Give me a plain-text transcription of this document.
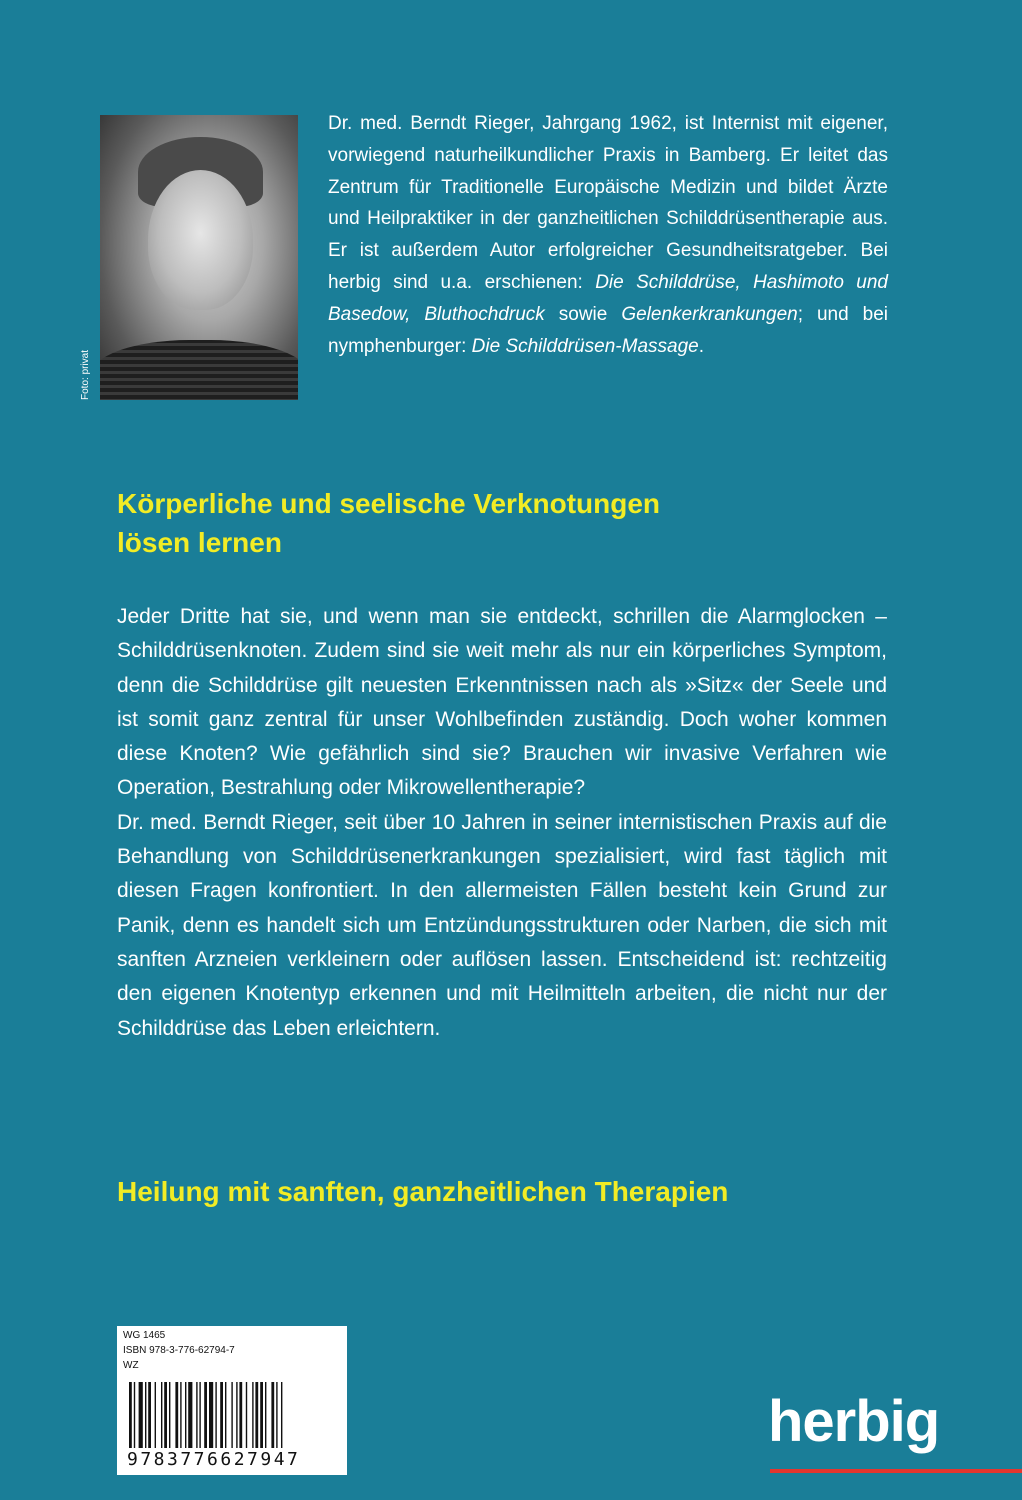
Foto: privat

Dr. med. Berndt Rieger, Jahrgang 1962, ist Internist mit eigener, vorwiegend naturheilkundlicher Praxis in Bamberg. Er leitet das Zentrum für Traditionelle Europäische Medizin und bildet Ärzte und Heilpraktiker in der ganzheitlichen Schilddrüsentherapie aus. Er ist außerdem Autor erfolgreicher Gesundheitsratgeber. Bei herbig sind u.a. erschienen: Die Schilddrüse, Hashimoto und Basedow, Bluthochdruck sowie Gelenkerkrankungen; und bei nymphenburger: Die Schilddrüsen-Massage.

Körperliche und seelische Verknotungen
lösen lernen

Jeder Dritte hat sie, und wenn man sie entdeckt, schrillen die Alarmglocken – Schilddrüsenknoten. Zudem sind sie weit mehr als nur ein körperliches Symptom, denn die Schilddrüse gilt neuesten Erkenntnissen nach als »Sitz« der Seele und ist somit ganz zentral für unser Wohlbefinden zuständig. Doch woher kommen diese Knoten? Wie gefährlich sind sie? Brauchen wir invasive Verfahren wie Operation, Bestrahlung oder Mikrowellentherapie?

Dr. med. Berndt Rieger, seit über 10 Jahren in seiner internistischen Praxis auf die Behandlung von Schilddrüsenerkrankungen spezialisiert, wird fast täglich mit diesen Fragen konfrontiert. In den allermeisten Fällen besteht kein Grund zur Panik, denn es handelt sich um Entzündungsstrukturen oder Narben, die sich mit sanften Arzneien verkleinern oder auflösen lassen. Entscheidend ist: rechtzeitig den eigenen Knotentyp erkennen und mit Heilmitteln arbeiten, die nicht nur der Schilddrüse das Leben erleichtern.

Heilung mit sanften, ganzheitlichen Therapien
WG 1465
ISBN 978-3-776-62794-7
WZ
9783776627947
herbig
